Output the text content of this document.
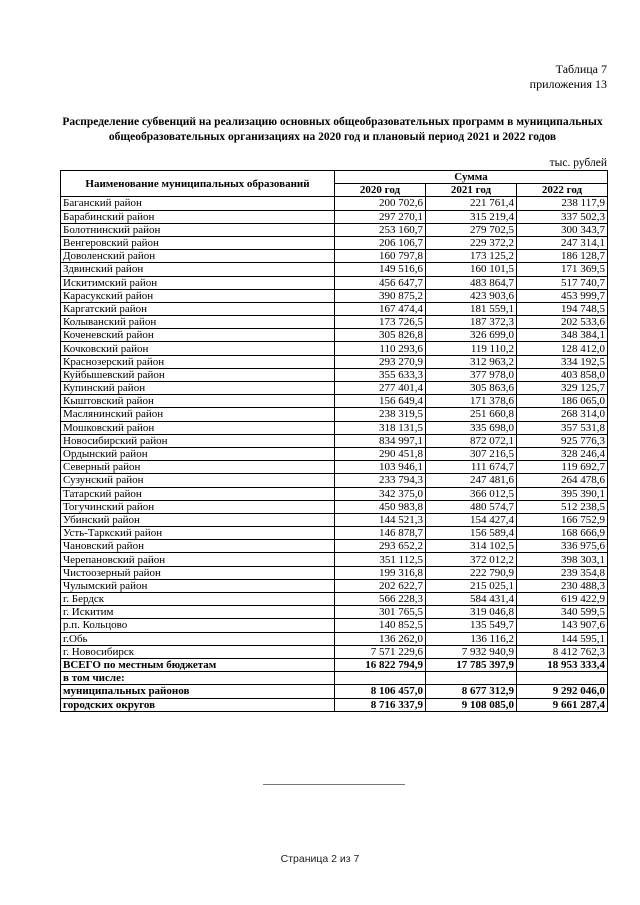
Таблица 7
приложения 13
Распределение субвенций на реализацию основных общеобразовательных программ в муниципальных общеобразовательных организациях на 2020 год и плановый период 2021 и 2022 годов
тыс. рублей
Наименование муниципальных образований	Сумма		
	2020 год	2021 год	2022 год
Баганский район	200 702,6	221 761,4	238 117,9
Барабинский район	297 270,1	315 219,4	337 502,3
Болотнинский район	253 160,7	279 702,5	300 343,7
Венгеровский район	206 106,7	229 372,2	247 314,1
Доволенский район	160 797,8	173 125,2	186 128,7
Здвинский район	149 516,6	160 101,5	171 369,5
Искитимский район	456 647,7	483 864,7	517 740,7
Карасукский район	390 875,2	423 903,6	453 999,7
Каргатский район	167 474,4	181 559,1	194 748,5
Колыванский район	173 726,5	187 372,3	202 533,6
Коченевский район	305 826,8	326 699,0	348 384,1
Кочковский район	110 293,6	119 110,2	128 412,0
Краснозерский район	293 270,9	312 963,2	334 192,5
Куйбышевский район	355 633,3	377 978,0	403 858,0
Купинский район	277 401,4	305 863,6	329 125,7
Кыштовский район	156 649,4	171 378,6	186 065,0
Маслянинский район	238 319,5	251 660,8	268 314,0
Мошковский район	318 131,5	335 698,0	357 531,8
Новосибирский район	834 997,1	872 072,1	925 776,3
Ордынский район	290 451,8	307 216,5	328 246,4
Северный район	103 946,1	111 674,7	119 692,7
Сузунский район	233 794,3	247 481,6	264 478,6
Татарский район	342 375,0	366 012,5	395 390,1
Тогучинский район	450 983,8	480 574,7	512 238,5
Убинский район	144 521,3	154 427,4	166 752,9
Усть-Таркский район	146 878,7	156 589,4	168 666,9
Чановский район	293 652,2	314 102,5	336 975,6
Черепановский район	351 112,5	372 012,2	398 303,1
Чистоозерный район	199 316,8	222 790,9	239 354,8
Чулымский район	202 622,7	215 025,1	230 488,3
г. Бердск	566 228,3	584 431,4	619 422,9
г. Искитим	301 765,5	319 046,8	340 599,5
р.п. Кольцово	140 852,5	135 549,7	143 907,6
г.Обь	136 262,0	136 116,2	144 595,1
г. Новосибирск	7 571 229,6	7 932 940,9	8 412 762,3
ВСЕГО по местным бюджетам	16 822 794,9	17 785 397,9	18 953 333,4
в том числе:			
муниципальных районов	8 106 457,0	8 677 312,9	9 292 046,0
городских округов	8 716 337,9	9 108 085,0	9 661 287,4
Страница 2 из 7
